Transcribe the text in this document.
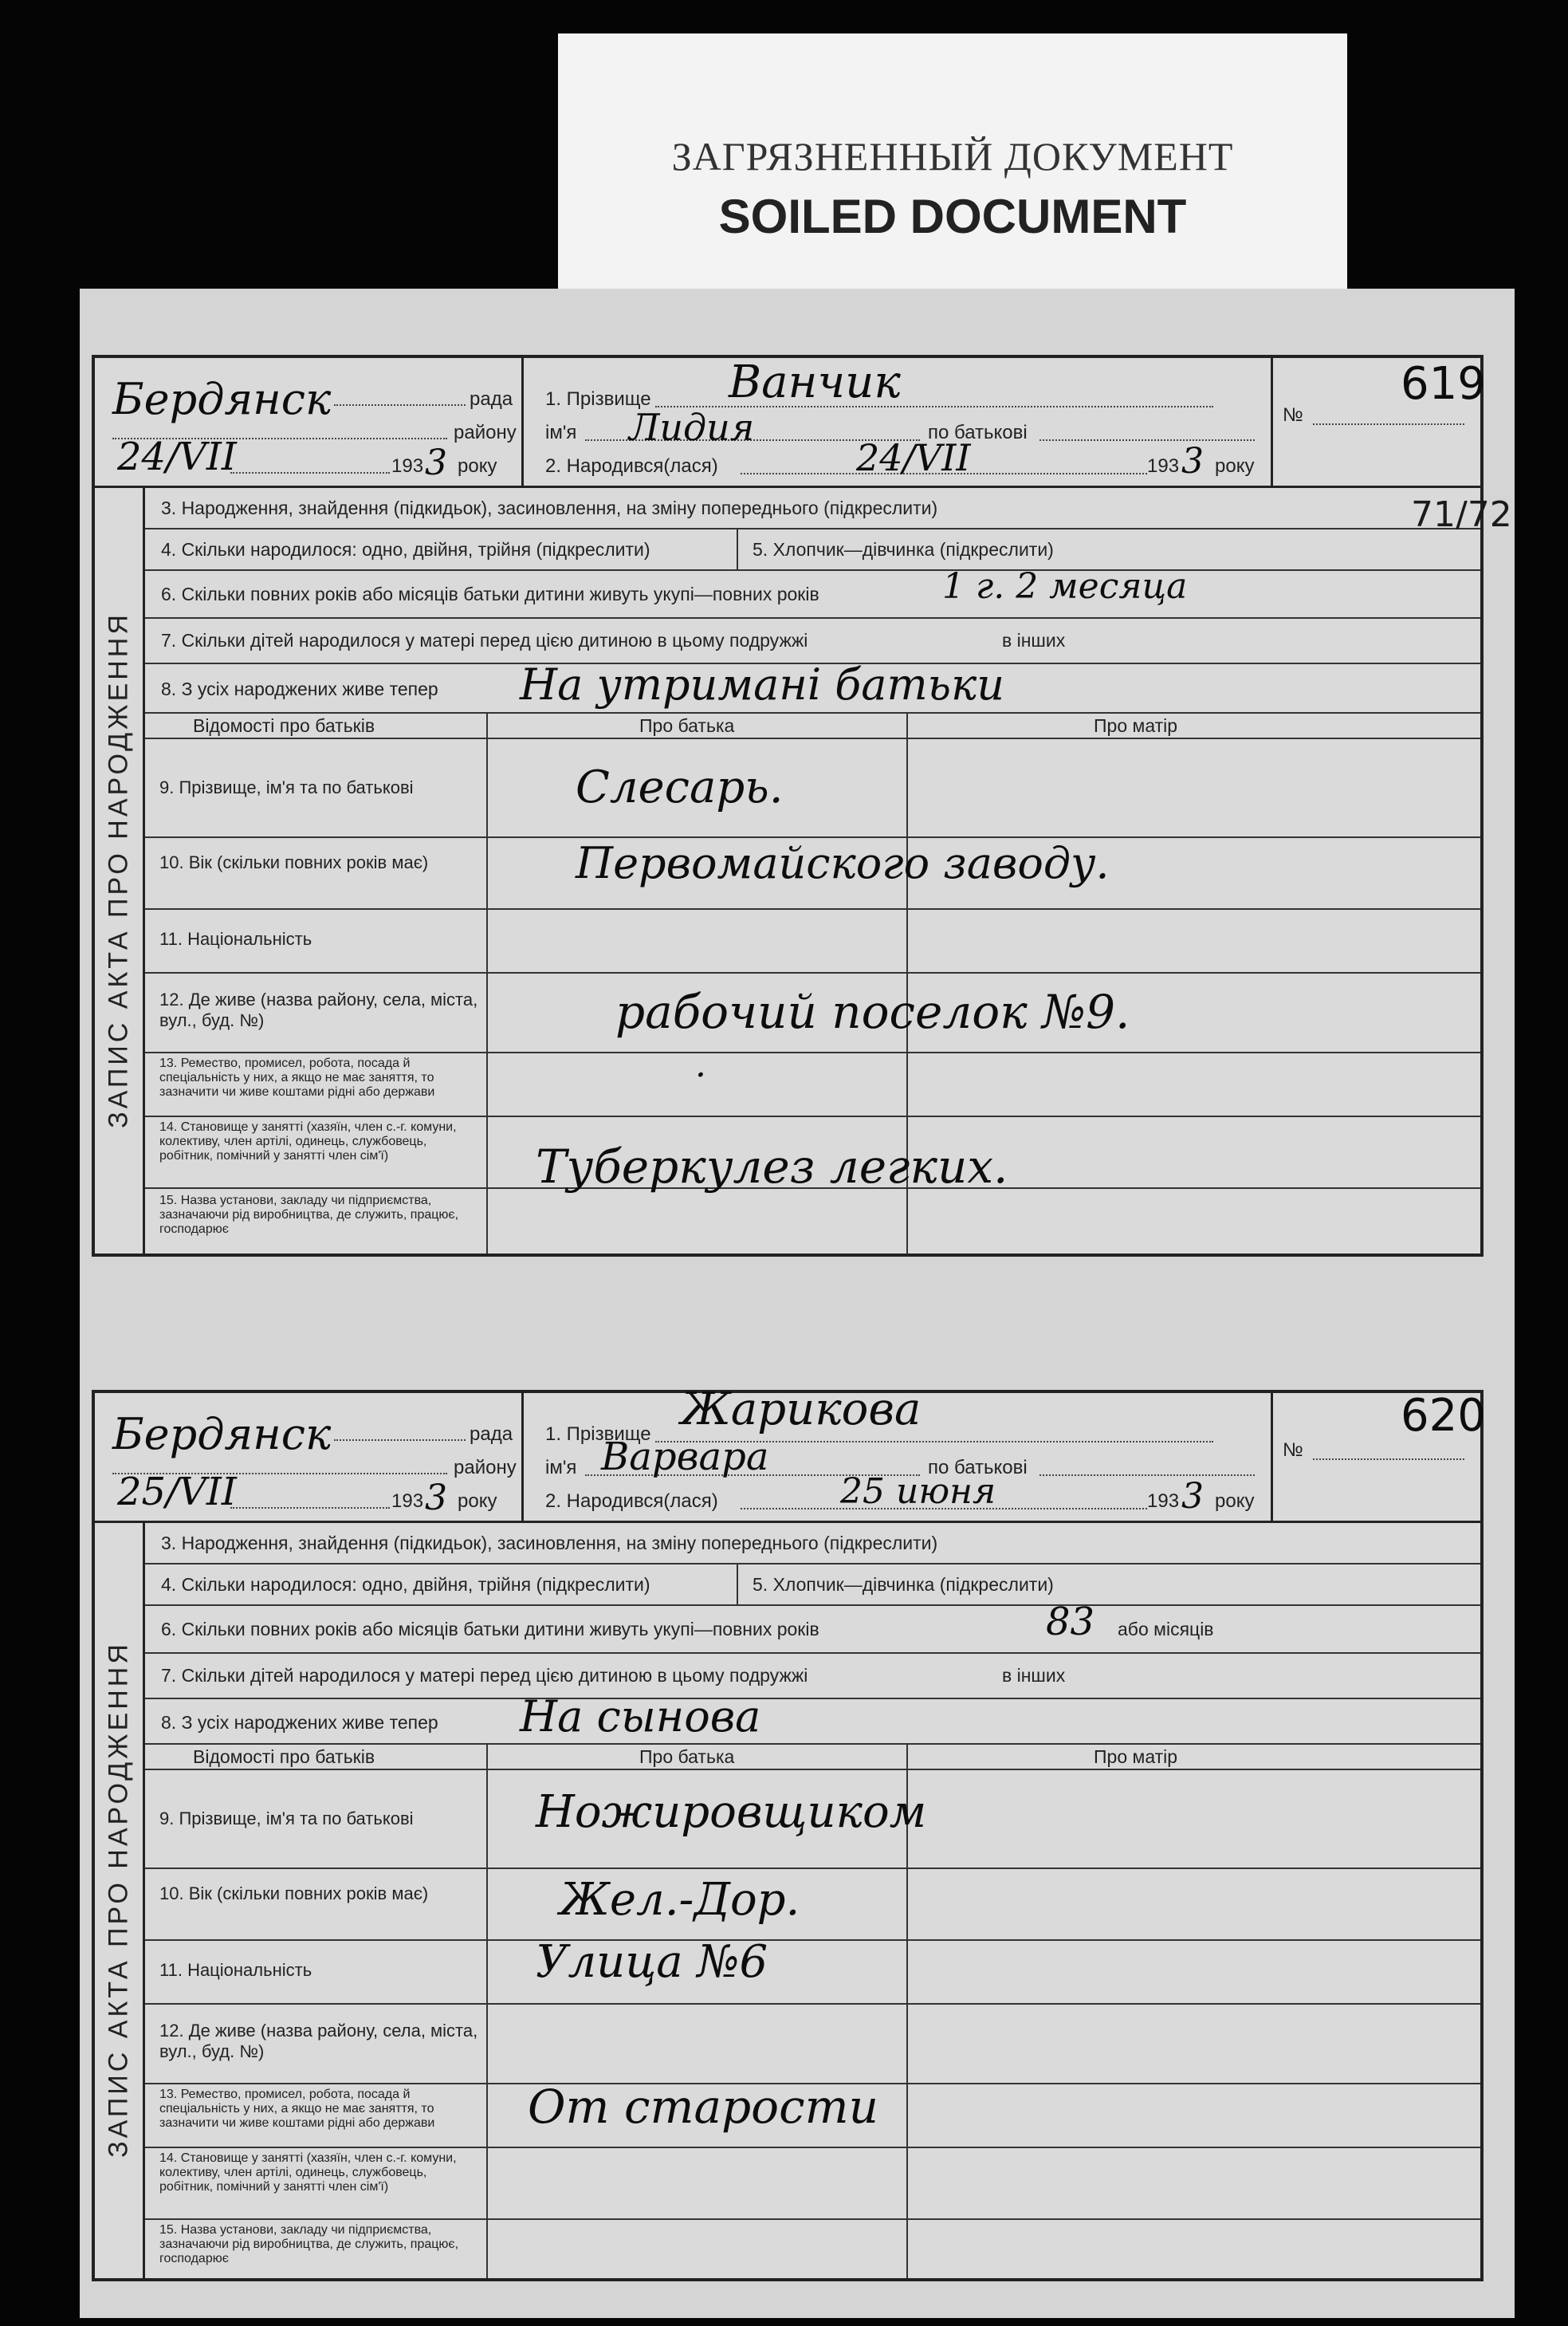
ЗАГРЯЗНЕННЫЙ ДОКУМЕНТ
SOILED DOCUMENT
Бердянск	рада
району
24/VII	193 3 року
1. Прізвище Ванчик
ім'я Лидия	по батькові
2. Народився(лася)	24/VII	193 3 року
№
619
ЗАПИС АКТА ПРО НАРОДЖЕННЯ
3. Народження, знайдення (підкидьок), засиновлення, на зміну попереднього (підкреслити)
4. Скільки народилося: одно, двійня, трійня (підкреслити)	5. Хлопчик—дівчинка (підкреслити)
6. Скільки повних років або місяців батьки дитини живуть укупі—повних років	1 г. 2 месяца
7. Скільки дітей народилося у матері перед цією дитиною в цьому подружжі	в інших
8. З усіх народжених живе тепер На утримані батьки
Відомості про батьків	Про батька	Про матір
9. Прізвище, ім'я та по батькові	Слесарь.
10. Вік (скільки повних років має)	Первомайского заводу.
11. Національність
12. Де живе (назва району, села, міста, вул., буд. №)	рабочий поселок №9.
13. Ремество, промисел, робота, посада й спеціальність у них, а якщо не має заняття, то зазначити чи живе коштами рідні або держави	·
14. Становище у занятті (хазяїн, член с.-г. комуни, колективу, член артілі, одинець, службовець, робітник, помічний у заняттi член сім'ї)	Туберкулез легких.
15. Назва установи, закладу чи підприємства, зазначаючи рід виробництва, де служить, працює, господарює
71/72
Бердянск	рада
району
25/VII	193 3 року
1. Прізвище Жарикова
ім'я Варвара	по батькові
2. Народився(лася)	25 июня	193 3 року
№
620
ЗАПИС АКТА ПРО НАРОДЖЕННЯ
3. Народження, знайдення (підкидьок), засиновлення, на зміну попереднього (підкреслити)
4. Скільки народилося: одно, двійня, трійня (підкреслити)	5. Хлопчик—дівчинка (підкреслити)
6. Скільки повних років або місяців батьки дитини живуть укупі—повних років	83 або місяців
7. Скільки дітей народилося у матері перед цією дитиною в цьому подружжі	в інших
8. З усіх народжених живе тепер На сынова
Відомості про батьків	Про батька	Про матір
9. Прізвище, ім'я та по батькові	Ножировщиком
10. Вік (скільки повних років має)	Жел.-Дор.
11. Національність	Улица №6
12. Де живе (назва району, села, міста, вул., буд. №)
13. Ремество, промисел, робота, посада й спеціальність у них, а якщо не має заняття, то зазначити чи живе коштами рідні або держави	От старости
14. Становище у занятті (хазяїн, член с.-г. комуни, колективу, член артілі, одинець, службовець, робітник, помічний у заняттi член сім'ї)
15. Назва установи, закладу чи підприємства, зазначаючи рід виробництва, де служить, працює, господарює
